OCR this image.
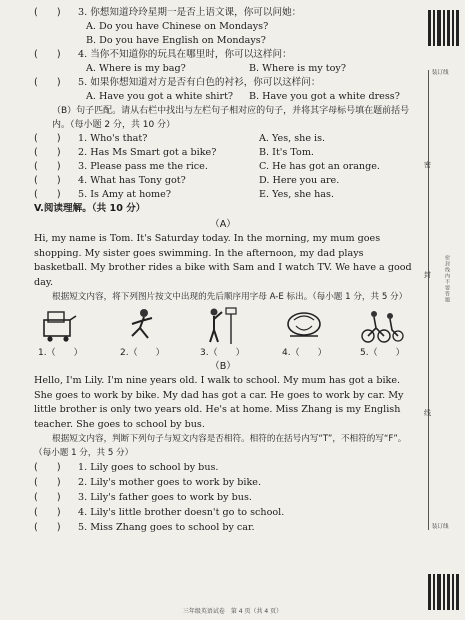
(　　)	3. 你想知道玲玲星期一是否上语文课，你可以问她：
A. Do you have Chinese on Mondays?
B. Do you have English on Mondays?
(　　)	4. 当你不知道你的玩具在哪里时，你可以这样问：
A. Where is my bag?	B. Where is my toy?
(　　)	5. 如果你想知道对方是否有白色的衬衫，你可以这样问：
A. Have you got a white shirt?	B. Have you got a white dress?
（B）句子匹配。请从右栏中找出与左栏句子相对应的句子，并将其字母标号填在题前括号内。（每小题 2 分，共 10 分）
(　　)	1. Who's that?	A. Yes, she is.
(　　)	2. Has Ms Smart got a bike?	B. It's Tom.
(　　)	3. Please pass me the rice.	C. He has got an orange.
(　　)	4. What has Tony got?	D. Here you are.
(　　)	5. Is Amy at home?	E. Yes, she has.
V.阅读理解。（共 10 分）
（A）

Hi, my name is Tom. It's Saturday today. In the morning, my mum goes shopping. My sister goes swimming. In the afternoon, my dad plays basketball. My brother rides a bike with Sam and I watch TV. We have a good day.

根据短文内容，将下列图片按文中出现的先后顺序用字母 A-E 标出。（每小题 1 分，共 5 分）

1.（　　）	2.（　　）	3.（　　）	4.（　　）	5.（　　）
（B）

Hello, I'm Lily. I'm nine years old. I walk to school. My mum has got a bike. She goes to work by bike. My dad has got a car. He goes to work by car. My little brother is only two years old. He's at home. Miss Zhang is my English teacher. She goes to school by bus.

根据短文内容，判断下列句子与短文内容是否相符。相符的在括号内写“T”，不相符的写“F”。（每小题 1 分，共 5 分）

(　　)	1. Lily goes to school by bus.
(　　)	2. Lily's mother goes to work by bike.
(　　)	3. Lily's father goes to work by bus.
(　　)	4. Lily's little brother doesn't go to school.
(　　)	5. Miss Zhang goes to school by car.
装订线
装订线
密
封
线
密封线内不要答题
三年级英语试卷　第 4 页（共 4 页）
